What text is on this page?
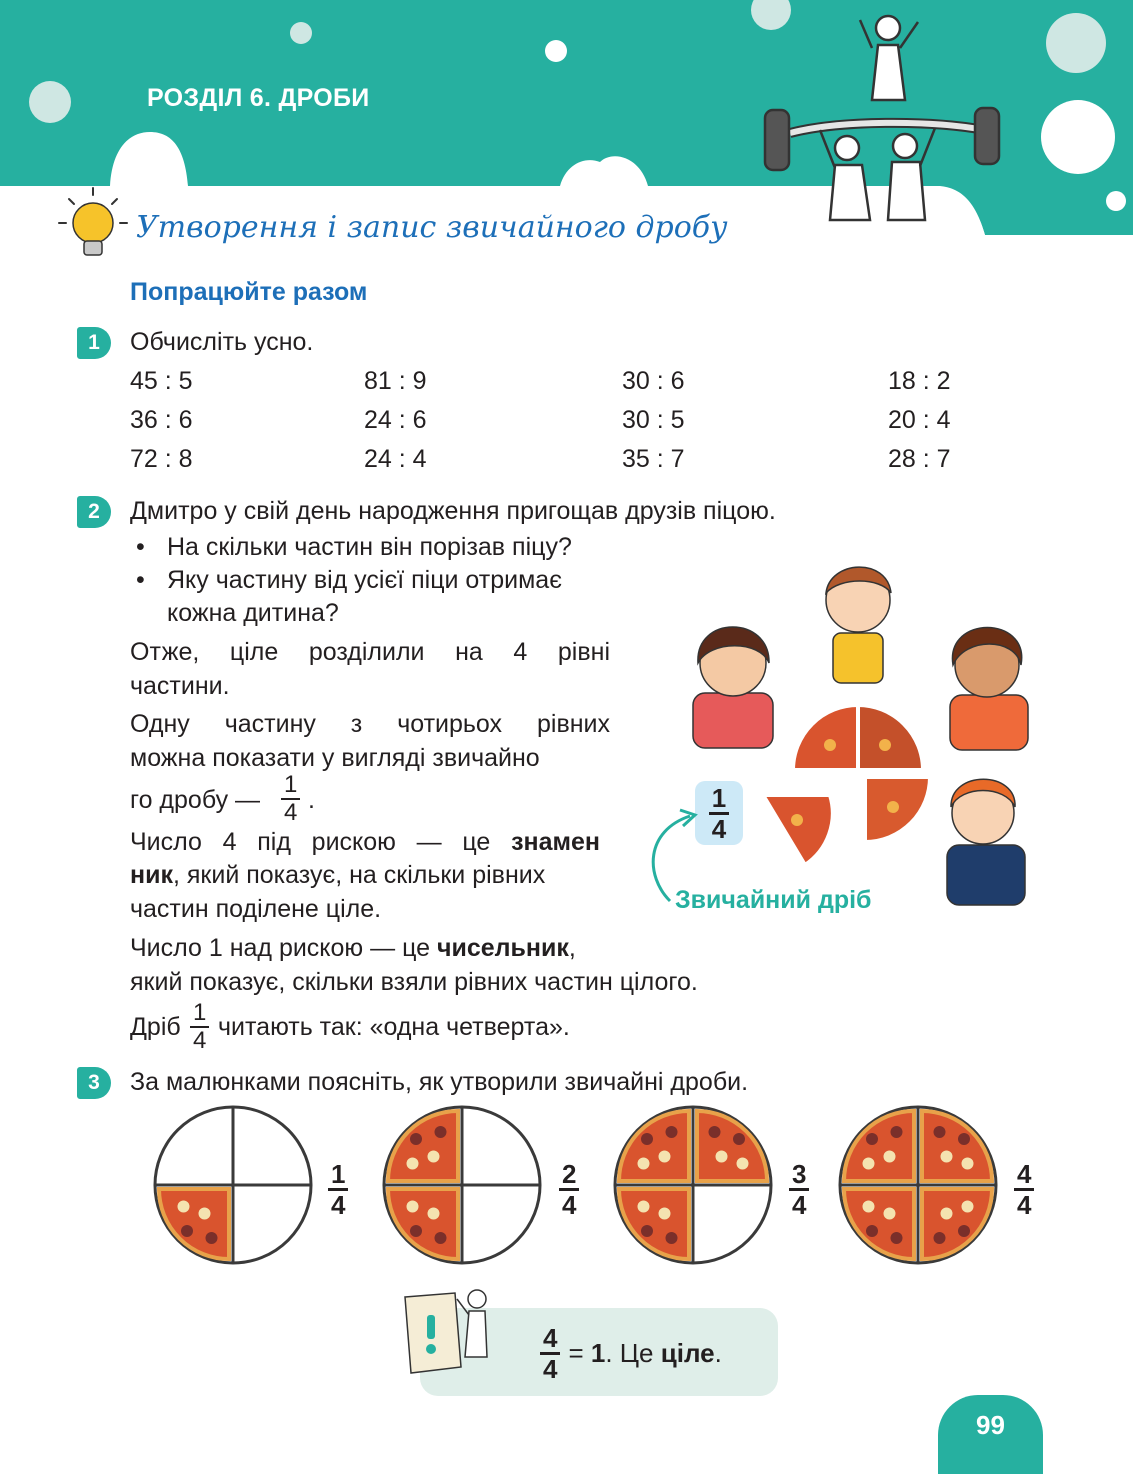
РОЗДІЛ 6. ДРОБИ
Утворення і запис звичайного дробу
Попрацюйте разом
1	Обчисліть усно.
45 : 5	81 : 9	30 : 6	18 : 2
36 : 6	24 : 6	30 : 5	20 : 4
72 : 8	24 : 4	35 : 7	28 : 7
2	Дмитро у свій день народження пригощав друзів піцою.
• На скільки частин він порізав піцу?
• Яку частину від усієї піци отримає
кожна дитина?
Отже, ціле розділили на 4 рівні
частини.
Одну частину з чотирьох рівних
можна показати у вигляді звичайно
го дробу — $\frac{1}{4}$ .
Число 4 під рискою — це знамен
ник, який показує, на скільки рівних
частин поділене ціле.
Число 1 над рискою — це чисельник,
який показує, скільки взяли рівних частин цілого.
Дріб $\frac{1}{4}$ читають так: «одна четверта».
$\frac{1}{4}$
Звичайний дріб
3	За малюнками поясніть, як утворили звичайні дроби.
$\frac{1}{4}$	$\frac{2}{4}$	$\frac{3}{4}$	$\frac{4}{4}$
$\frac{4}{4} = 1$. Це ціле.
99
